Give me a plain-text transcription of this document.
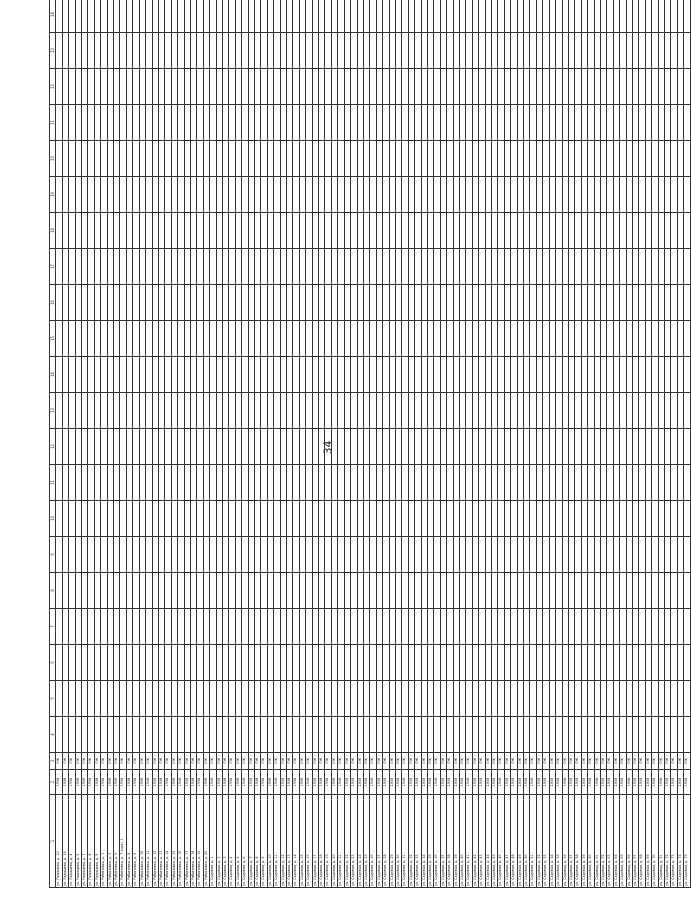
34
1	2	3	4	5	6	7	8	9	10	11	12	13	14	15	16	17	18	19	20	21	22	23	24	
ул. Радищева, д. 10	1958	ЛЖ																						
ул. Радищева, д. 16	1958	ЛЖ																						
ул. Радищева, д. 4	1958	ЛЖ																						
ул. Радищева, д. 5	1958	ЛЖ																						
ул. Радищева, д. 7	1958	ЛЖ																						
ул. Радищева, д. 8	1958	ЛЖ																						
ул. Радищева, д. 9	1958	ЛЖ																						
ул. Рябиновая, д. 1	1958	ЛЖ																						
ул. Рябиновая, д. 3	1958	ЛЖ																						
ул. Рябиновая, д. 5	1958	ЛЖ																						
ул. Рябиновая, д. 7, корп. 1	1958	ЛЖ																						
ул. Рябиновая, д. 8	1958	ЛЖ																						
ул. Рябиновая, д. 9	1958	ЛЖ																						
ул. Рябиновая, д. 10	1958	ЛЖ																						
ул. Рябиновая, д. 11	1958	ЛЖ																						
ул. Рябиновая, д. 12	1958	ЛЖ																						
ул. Рябиновая, д. 13	1958	ЛЖ																						
ул. Рябиновая, д. 14	1958	ЛЖ																						
ул. Рябиновая, д. 15	1958	ЛЖ																						
ул. Рябиновая, д. 16	1958	ЛЖ																						
ул. Рябиновая, д. 17	1958	ЛЖ																						
ул. Рябиновая, д. 18	1958	ЛЖ																						
ул. Рябиновая, д. 19	1958	ЛЖ																						
ул. Рябиновая, д. 20	1958	ЛЖ																						
ул. Садовая, д. 1	1958	ЛЖ																						
ул. Садовая, д. 2	1958	ЛЖ																						
ул. Садовая, д. 3	1958	ЛЖ																						
ул. Садовая, д. 4	1958	ЛЖ																						
ул. Садовая, д. 5	1958	ЛЖ																						
ул. Садовая, д. 6	1958	ЛЖ																						
ул. Садовая, д. 7	1958	ЛЖ																						
ул. Садовая, д. 8	1958	ЛЖ																						
ул. Садовая, д. 9	1958	ЛЖ																						
ул. Садовая, д. 10	1958	ЛЖ																						
ул. Садовая, д. 11	1958	ЛЖ																						
ул. Садовая, д. 12	1958	ЛЖ																						
ул. Садовая, д. 13	1958	ЛЖ																						
ул. Садовая, д. 14	1958	ЛЖ																						
ул. Садовая, д. 15	1958	ЛЖ																						
ул. Садовая, д. 16	1958	ЛЖ																						
ул. Садовая, д. 17	1958	ЛЖ																						
ул. Садовая, д. 18	1958	ЛЖ																						
ул. Садовая, д. 19	1958	ЛЖ																						
ул. Садовая, д. 20	1958	ЛЖ																						
ул. Садовая, д. 21	1958	ЛЖ																						
ул. Садовая, д. 22	1958	ЛЖ																						
ул. Садовая, д. 23	1958	ЛЖ																						
ул. Садовая, д. 24	1958	ЛЖ																						
ул. Садовая, д. 25	1958	ЛЖ																						
ул. Садовая, д. 26	1958	ЛЖ																						
ул. Садовая, д. 27	1958	ЛЖ																						
ул. Садовая, д. 28	1958	ЛЖ																						
ул. Садовая, д. 29	1958	ЛЖ																						
ул. Садовая, д. 30	1958	ЛЖ																						
ул. Садовая, д. 31	1958	ЛЖ																						
ул. Садовая, д. 32	1958	ЛЖ																						
ул. Садовая, д. 33	1958	ЛЖ																						
ул. Садовая, д. 34	1958	ЛЖ																						
ул. Садовая, д. 35	1958	ЛЖ																						
ул. Садовая, д. 36	1958	ЛЖ																						
ул. Садовая, д. 37	1958	ЛЖ																						
ул. Садовая, д. 38	1958	ЛЖ																						
ул. Садовая, д. 39	1958	ЛЖ																						
ул. Садовая, д. 40	1958	ЛЖ																						
ул. Садовая, д. 41	1958	ЛЖ																						
ул. Садовая, д. 42	1958	ЛЖ																						
ул. Садовая, д. 43	1958	ЛЖ																						
ул. Садовая, д. 44	1958	ЛЖ																						
ул. Садовая, д. 45	1958	ЛЖ																						
ул. Садовая, д. 46	1958	ЛЖ																						
ул. Садовая, д. 47	1958	ЛЖ																						
ул. Садовая, д. 48	1958	ЛЖ																						
ул. Садовая, д. 49	1958	ЛЖ																						
ул. Садовая, д. 50	1958	ЛЖ																						
ул. Садовая, д. 51	1958	ЛЖ																						
ул. Садовая, д. 52	1958	ЛЖ																						
ул. Садовая, д. 53	1958	ЛЖ																						
ул. Садовая, д. 54	1958	ЛЖ																						
ул. Садовая, д. 55	1958	ЛЖ																						
ул. Садовая, д. 56	1958	ЛЖ																						
ул. Садовая, д. 57	1958	ЛЖ																						
ул. Садовая, д. 58	1958	ЛЖ																						
ул. Садовая, д. 59	1958	ЛЖ																						
ул. Садовая, д. 60	1958	ЛЖ																						
ул. Садовая, д. 61	1958	ЛЖ																						
ул. Садовая, д. 62	1958	ЛЖ																						
ул. Садовая, д. 63	1958	ЛЖ																						
ул. Садовая, д. 64	1958	ЛЖ																						
ул. Садовая, д. 65	1958	ЛЖ																						
ул. Садовая, д. 66	1958	ЛЖ																						
ул. Садовая, д. 67	1958	ЛЖ																						
ул. Садовая, д. 68	1958	ЛЖ																						
ул. Садовая, д. 69	1958	ЛЖ																						
ул. Садовая, д. 70	1958	ЛЖ																						
ул. Садовая, д. 71	1958	ЛЖ																						
ул. Садовая, д. 72	1958	ЛЖ																						
ул. Садовая, д. 73	1958	ЛЖ																						
ул. Садовая, д. 74	1958	ЛЖ																						
ул. Садовая, д. 75	1958	ЛЖ																						
